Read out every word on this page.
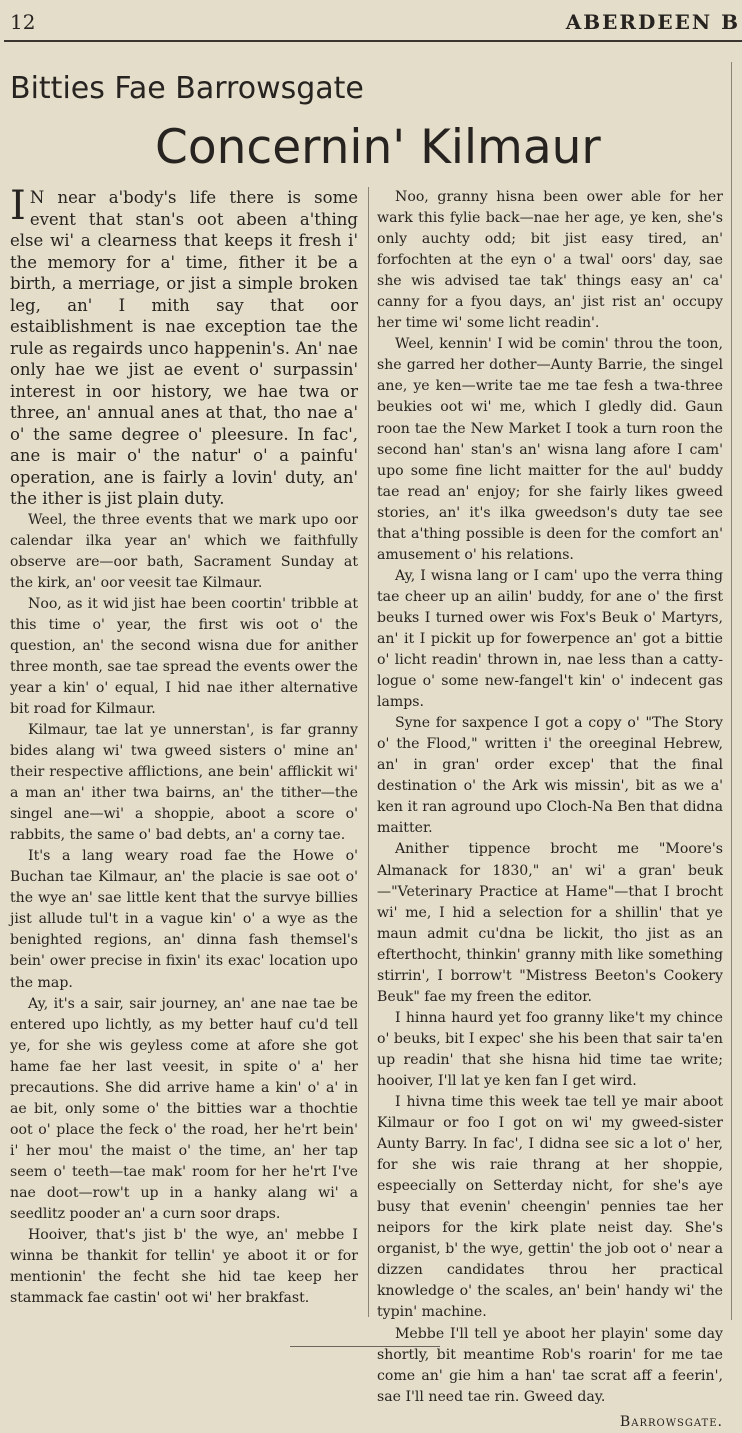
12	ABERDEEN B
Bitties Fae Barrowsgate
Concernin' Kilmaur

I N near a'body's life there is some event that stan's oot abeen a'thing else wi' a clearness that keeps it fresh i' the memory for a' time, fither it be a birth, a merriage, or jist a simple broken leg, an' I mith say that oor estaiblishment is nae exception tae the rule as regairds unco happenin's. An' nae only hae we jist ae event o' surpassin' interest in oor history, we hae twa or three, an' annual anes at that, tho nae a' o' the same degree o' pleesure. In fac', ane is mair o' the natur' o' a painfu' operation, ane is fairly a lovin' duty, an' the ither is jist plain duty.

Weel, the three events that we mark upo oor calendar ilka year an' which we faithfully observe are—oor bath, Sacrament Sunday at the kirk, an' oor veesit tae Kilmaur.

Noo, as it wid jist hae been coortin' tribble at this time o' year, the first wis oot o' the question, an' the second wisna due for anither three month, sae tae spread the events ower the year a kin' o' equal, I hid nae ither alternative bit road for Kilmaur.

Kilmaur, tae lat ye unnerstan', is far granny bides alang wi' twa gweed sisters o' mine an' their respective afflictions, ane bein' afflickit wi' a man an' ither twa bairns, an' the tither—the singel ane—wi' a shoppie, aboot a score o' rabbits, the same o' bad debts, an' a corny tae.

It's a lang weary road fae the Howe o' Buchan tae Kilmaur, an' the placie is sae oot o' the wye an' sae little kent that the survye billies jist allude tul't in a vague kin' o' a wye as the benighted regions, an' dinna fash themsel's bein' ower precise in fixin' its exac' location upo the map.

Ay, it's a sair, sair journey, an' ane nae tae be entered upo lichtly, as my better hauf cu'd tell ye, for she wis geyless come at afore she got hame fae her last veesit, in spite o' a' her precautions. She did arrive hame a kin' o' a' in ae bit, only some o' the bitties war a thochtie oot o' place the feck o' the road, her he'rt bein' i' her mou' the maist o' the time, an' her tap seem o' teeth—tae mak' room for her he'rt I've nae doot—row't up in a hanky alang wi' a seedlitz pooder an' a curn soor draps.

Hooiver, that's jist b' the wye, an' mebbe I winna be thankit for tellin' ye aboot it or for mentionin' the fecht she hid tae keep her stammack fae castin' oot wi' her brakfast.

Noo, granny hisna been ower able for her wark this fylie back—nae her age, ye ken, she's only auchty odd; bit jist easy tired, an' forfochten at the eyn o' a twal' oors' day, sae she wis advised tae tak' things easy an' ca' canny for a fyou days, an' jist rist an' occupy her time wi' some licht readin'.

Weel, kennin' I wid be comin' throu the toon, she garred her dother—Aunty Barrie, the singel ane, ye ken—write tae me tae fesh a twa-three beukies oot wi' me, which I gledly did. Gaun roon tae the New Market I took a turn roon the second han' stan's an' wisna lang afore I cam' upo some fine licht maitter for the aul' buddy tae read an' enjoy; for she fairly likes gweed stories, an' it's ilka gweedson's duty tae see that a'thing possible is deen for the comfort an' amusement o' his relations.

Ay, I wisna lang or I cam' upo the verra thing tae cheer up an ailin' buddy, for ane o' the first beuks I turned ower wis Fox's Beuk o' Martyrs, an' it I pickit up for fowerpence an' got a bittie o' licht readin' thrown in, nae less than a catty-logue o' some new-fangel't kin' o' indecent gas lamps.

Syne for saxpence I got a copy o' "The Story o' the Flood," written i' the oreeginal Hebrew, an' in gran' order excep' that the final destination o' the Ark wis missin', bit as we a' ken it ran aground upo Cloch-Na Ben that didna maitter.

Anither tippence brocht me "Moore's Almanack for 1830," an' wi' a gran' beuk—"Veterinary Practice at Hame"—that I brocht wi' me, I hid a selection for a shillin' that ye maun admit cu'dna be lickit, tho jist as an efterthocht, thinkin' granny mith like something stirrin', I borrow't "Mistress Beeton's Cookery Beuk" fae my freen the editor.

I hinna haurd yet foo granny like't my chince o' beuks, bit I expec' she his been that sair ta'en up readin' that she hisna hid time tae write; hooiver, I'll lat ye ken fan I get wird.

I hivna time this week tae tell ye mair aboot Kilmaur or foo I got on wi' my gweed-sister Aunty Barry. In fac', I didna see sic a lot o' her, for she wis raie thrang at her shoppie, espeecially on Setterday nicht, for she's aye busy that evenin' cheengin' pennies tae her neipors for the kirk plate neist day. She's organist, b' the wye, gettin' the job oot o' near a dizzen candidates throu her practical knowledge o' the scales, an' bein' handy wi' the typin' machine.

Mebbe I'll tell ye aboot her playin' some day shortly, bit meantime Rob's roarin' for me tae come an' gie him a han' tae scrat aff a feerin', sae I'll need tae rin. Gweed day.

Barrowsgate.
